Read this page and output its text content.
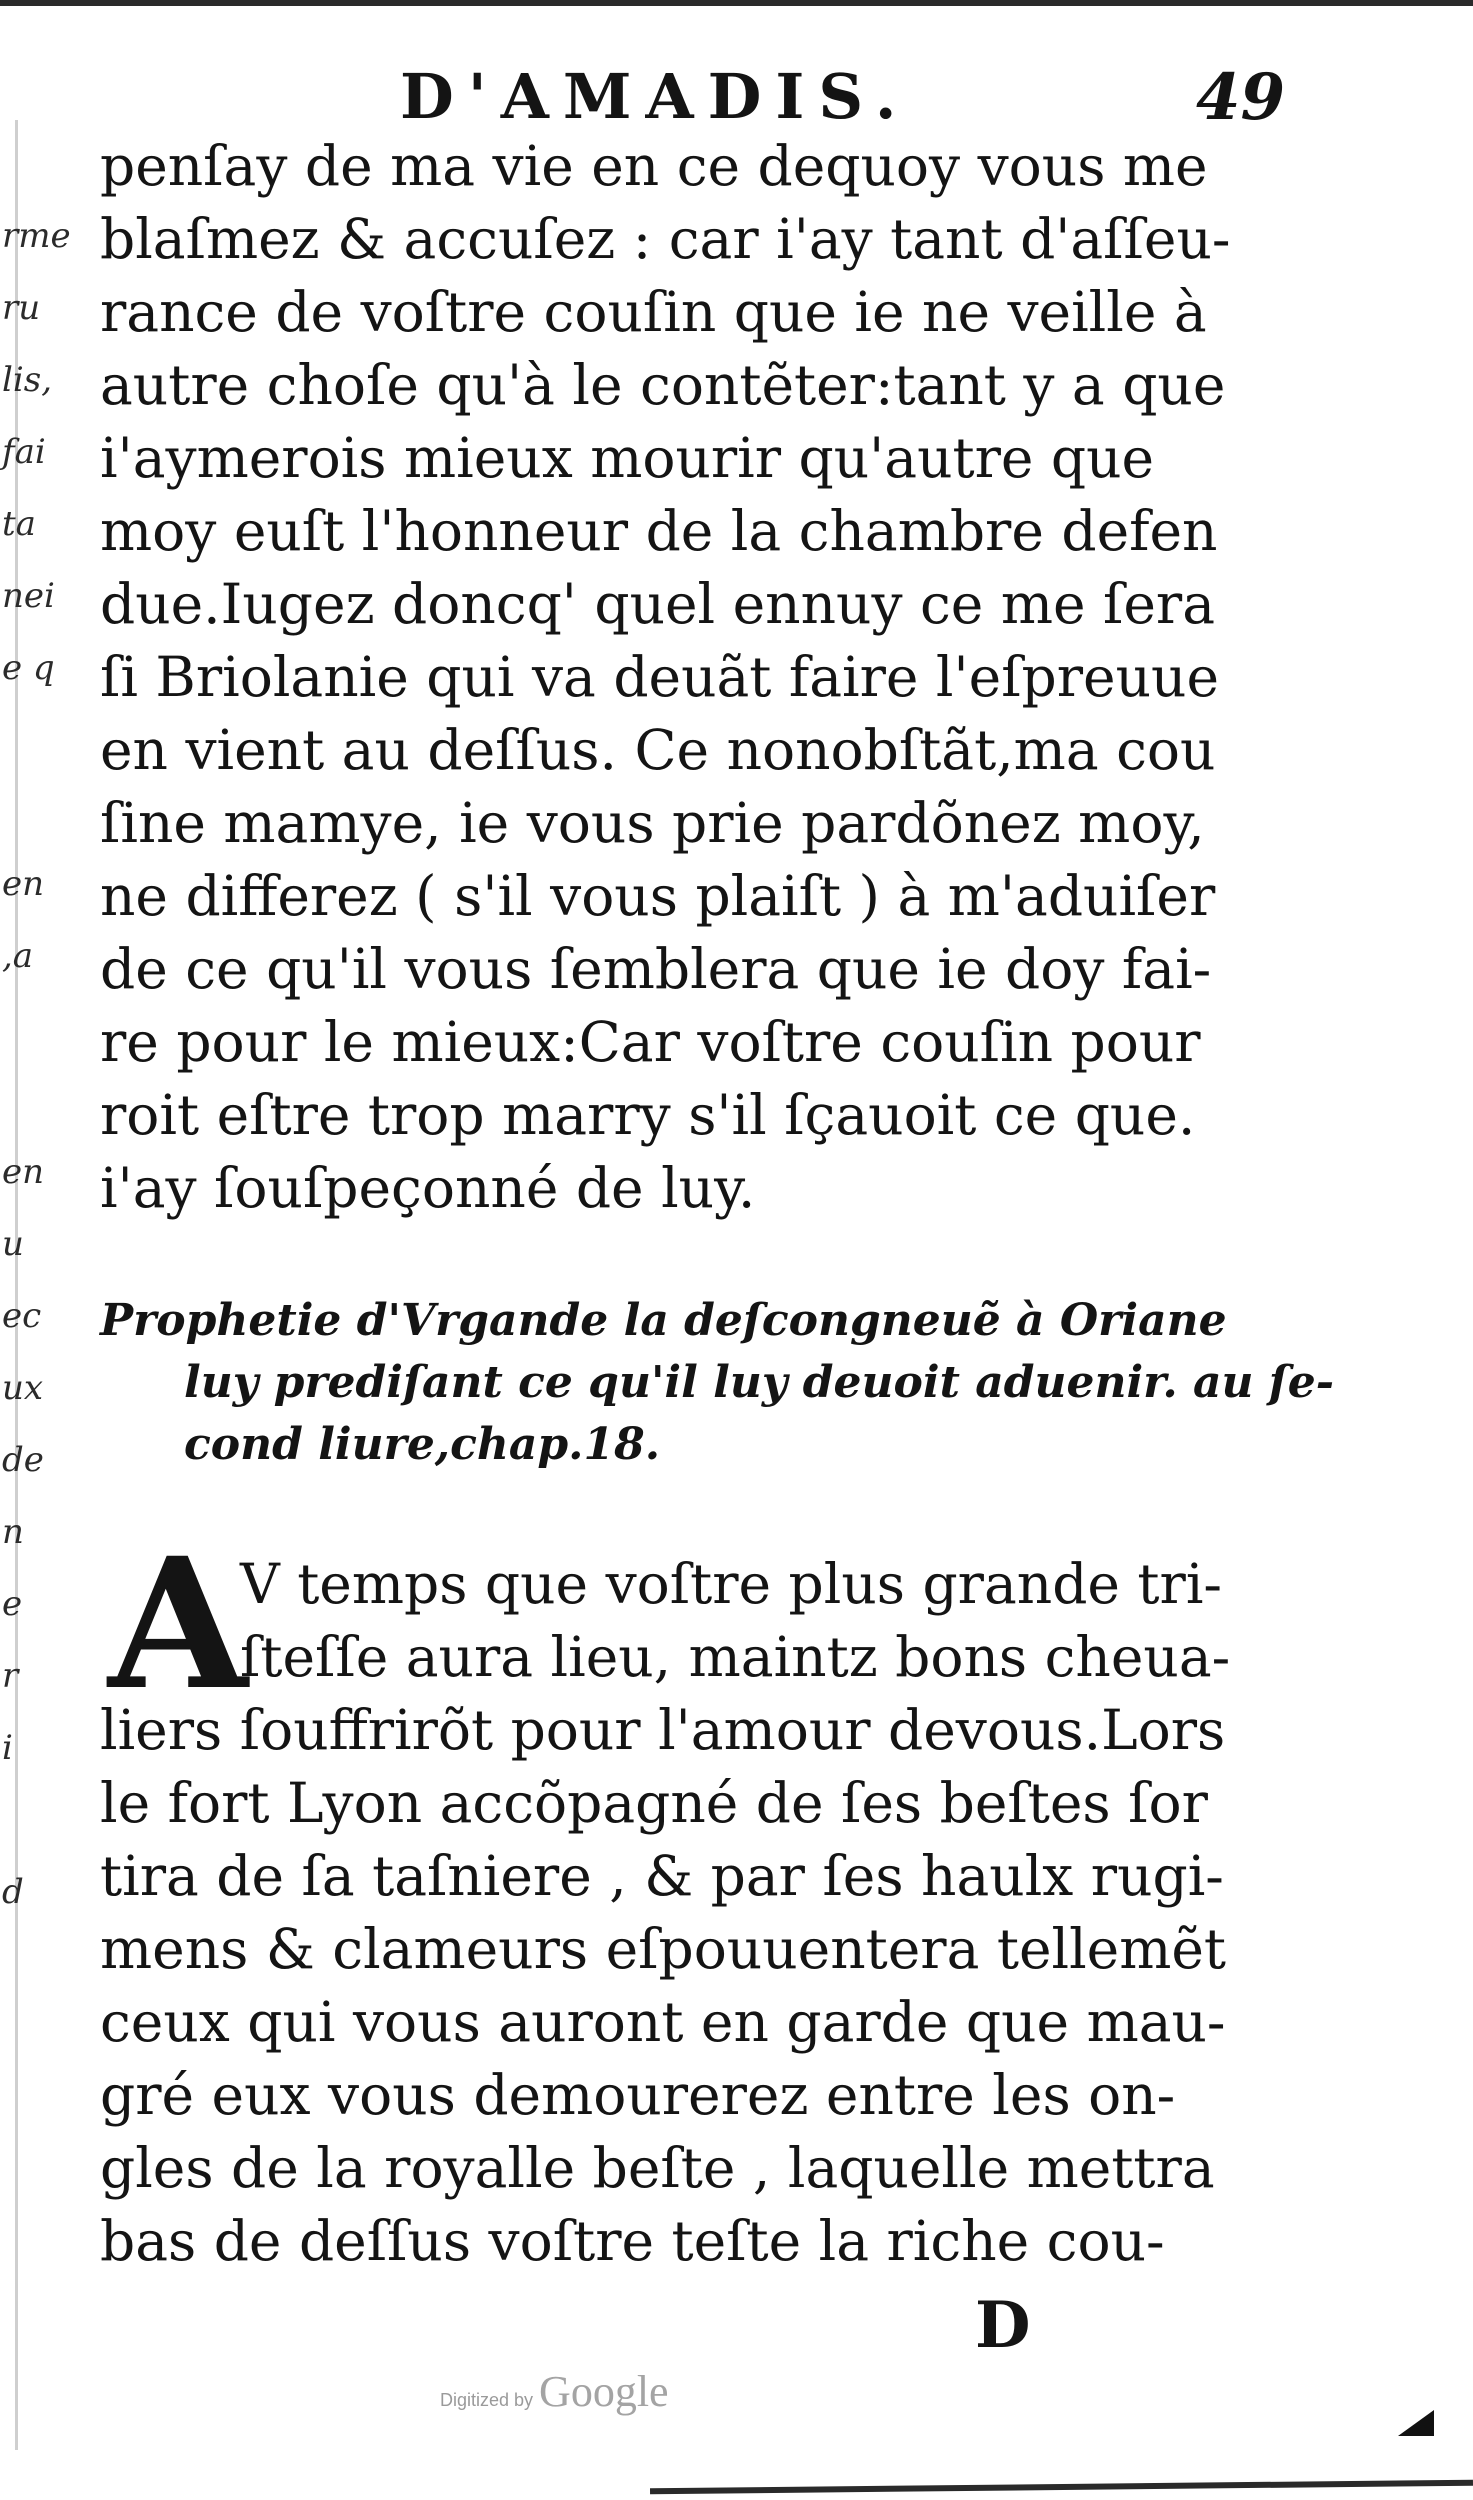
rme
ru
lis,
fai
ta
nei
e q
en
,a
en
u
ec
ux
de
n
e
r
i
d
D'AMADIS.	49
penſay de ma vie en ce dequoy vous me
blaſmez & accuſez : car i'ay tant d'aſſeu-
rance de voſtre couſin que ie ne veille à
autre choſe qu'à le contẽter:tant y a que
i'aymerois mieux mourir qu'autre que
moy euſt l'honneur de la chambre defen
due.Iugez doncq' quel ennuy ce me ſera
ſi Briolanie qui va deuãt faire l'eſpreuue
en vient au deſſus. Ce nonobſtãt,ma cou
ſine mamye, ie vous prie pardõnez moy,
ne differez ( s'il vous plaiſt ) à m'aduiſer
de ce qu'il vous ſemblera que ie doy fai-
re pour le mieux:Car voſtre couſin pour
roit eſtre trop marry s'il ſçauoit ce que.
i'ay ſouſpeçonné de luy.
Prophetie d'Vrgande la deſcongneuẽ à Oriane
luy prediſant ce qu'il luy deuoit aduenir. au ſe-
cond liure,chap.18.
A
V temps que voſtre plus grande tri-
ſteſſe aura lieu, maintz bons cheua-
liers ſouffrirõt pour l'amour devous.Lors
le fort Lyon accõpagné de ſes beſtes ſor
tira de ſa taſniere , & par ſes haulx rugi-
mens & clameurs eſpouuentera tellemẽt
ceux qui vous auront en garde que mau-
gré eux vous demourerez entre les on-
gles de la royalle beſte , laquelle mettra
bas de deſſus voſtre teſte la riche cou-
D
Digitized by Google
